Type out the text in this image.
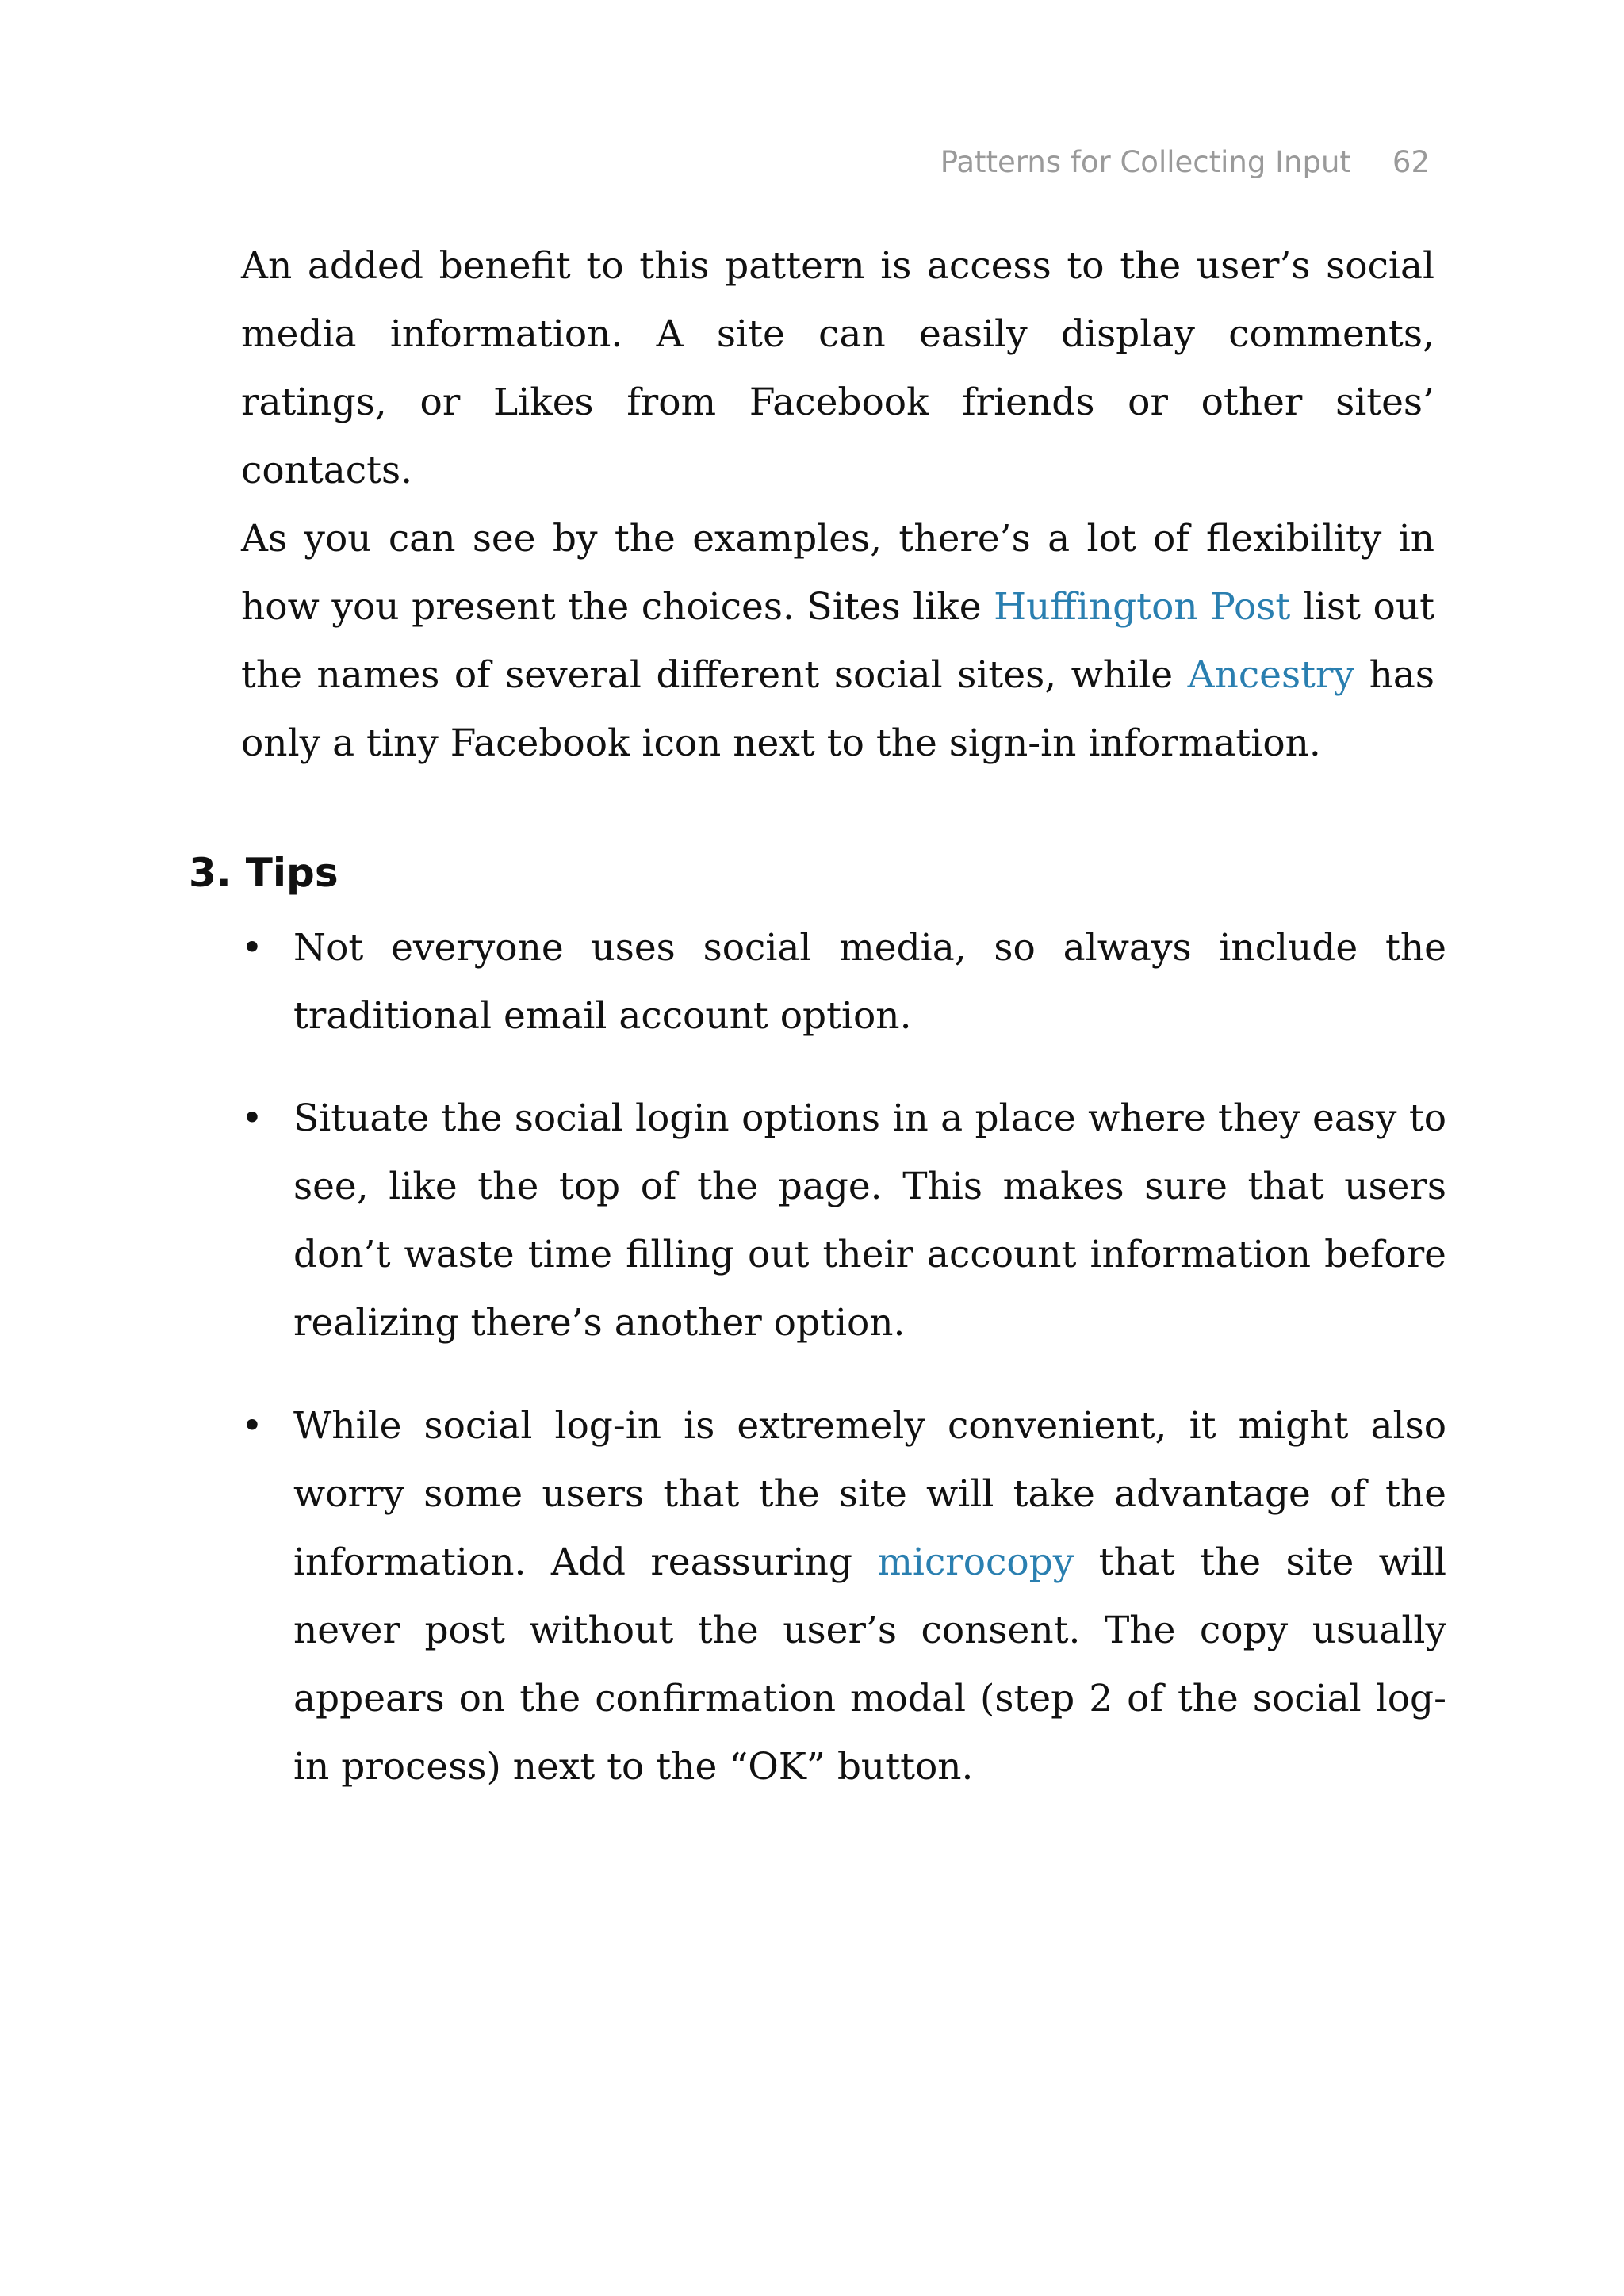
Patterns for Collecting Input 62

An added benefit to this pattern is access to the user’s social media information. A site can easily display comments, ratings, or Likes from Facebook friends or other sites’ contacts.

As you can see by the examples, there’s a lot of flexibility in how you present the choices. Sites like Huffington Post list out the names of several different social sites, while Ancestry has only a tiny Facebook icon next to the sign-in information.

3. Tips
• Not everyone uses social media, so always include the traditional email account option.
• Situate the social login options in a place where they easy to see, like the top of the page. This makes sure that users don’t waste time filling out their account information before realizing there’s another option.
• While social log-in is extremely convenient, it might also worry some users that the site will take advantage of the information. Add reassuring microcopy that the site will never post without the user’s consent. The copy usually appears on the confirmation modal (step 2 of the social log-in process) next to the “OK” button.
